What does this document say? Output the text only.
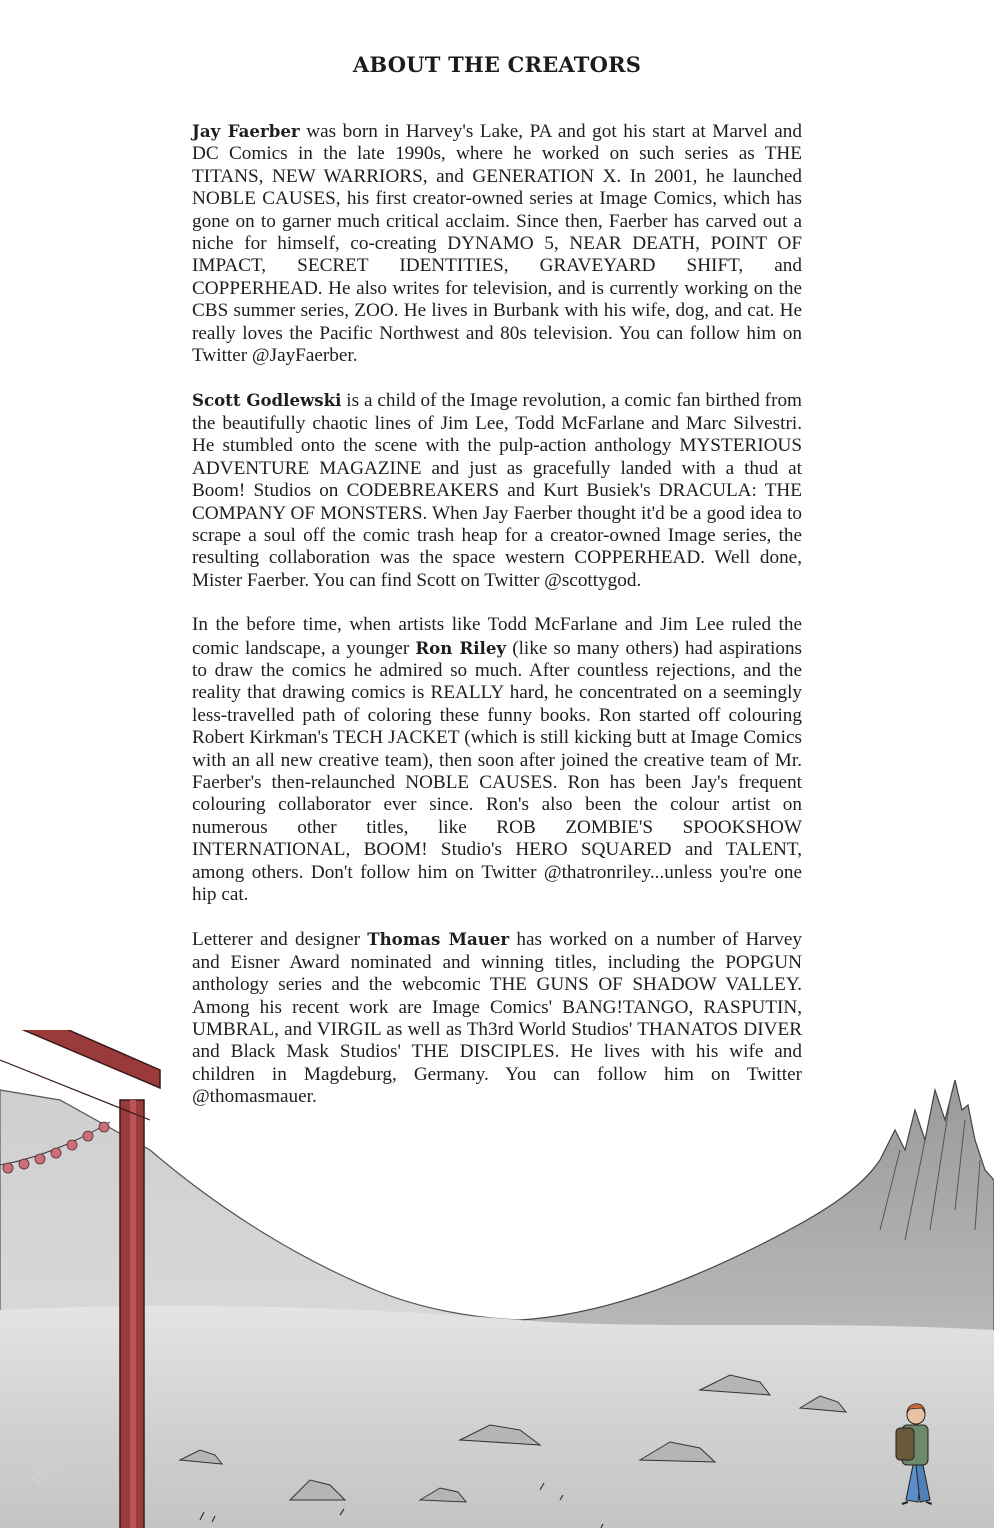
ABOUT THE CREATORS

Jay Faerber was born in Harvey's Lake, PA and got his start at Marvel and DC Comics in the late 1990s, where he worked on such series as THE TITANS, NEW WARRIORS, and GENERATION X. In 2001, he launched NOBLE CAUSES, his first creator-owned series at Image Comics, which has gone on to garner much critical acclaim. Since then, Faerber has carved out a niche for himself, co-creating DYNAMO 5, NEAR DEATH, POINT OF IMPACT, SECRET IDENTITIES, GRAVEYARD SHIFT, and COPPERHEAD. He also writes for television, and is currently working on the CBS summer series, ZOO. He lives in Burbank with his wife, dog, and cat. He really loves the Pacific Northwest and 80s television. You can follow him on Twitter @JayFaerber.

Scott Godlewski is a child of the Image revolution, a comic fan birthed from the beautifully chaotic lines of Jim Lee, Todd McFarlane and Marc Silvestri. He stumbled onto the scene with the pulp-action anthology MYSTERIOUS ADVENTURE MAGAZINE and just as gracefully landed with a thud at Boom! Studios on CODEBREAKERS and Kurt Busiek's DRACULA: THE COMPANY OF MONSTERS. When Jay Faerber thought it'd be a good idea to scrape a soul off the comic trash heap for a creator-owned Image series, the resulting collaboration was the space western COPPERHEAD. Well done, Mister Faerber. You can find Scott on Twitter @scottygod.

In the before time, when artists like Todd McFarlane and Jim Lee ruled the comic landscape, a younger Ron Riley (like so many others) had aspirations to draw the comics he admired so much. After countless rejections, and the reality that drawing comics is REALLY hard, he concentrated on a seemingly less-travelled path of coloring these funny books. Ron started off colouring Robert Kirkman's TECH JACKET (which is still kicking butt at Image Comics with an all new creative team), then soon after joined the creative team of Mr. Faerber's then-relaunched NOBLE CAUSES. Ron has been Jay's frequent colouring collaborator ever since. Ron's also been the colour artist on numerous other titles, like ROB ZOMBIE'S SPOOKSHOW INTERNATIONAL, BOOM! Studio's HERO SQUARED and TALENT, among others. Don't follow him on Twitter @thatronriley...unless you're one hip cat.

Letterer and designer Thomas Mauer has worked on a number of Harvey and Eisner Award nominated and winning titles, including the POPGUN anthology series and the webcomic THE GUNS OF SHADOW VALLEY. Among his recent work are Image Comics' BANG!TANGO, RASPUTIN, UMBRAL, and VIRGIL as well as Th3rd World Studios' THANATOS DIVER and Black Mask Studios' THE DISCIPLES. He lives with his wife and children in Magdeburg, Germany. You can follow him on Twitter @thomasmauer.

DM5.com
拷贝漫画
